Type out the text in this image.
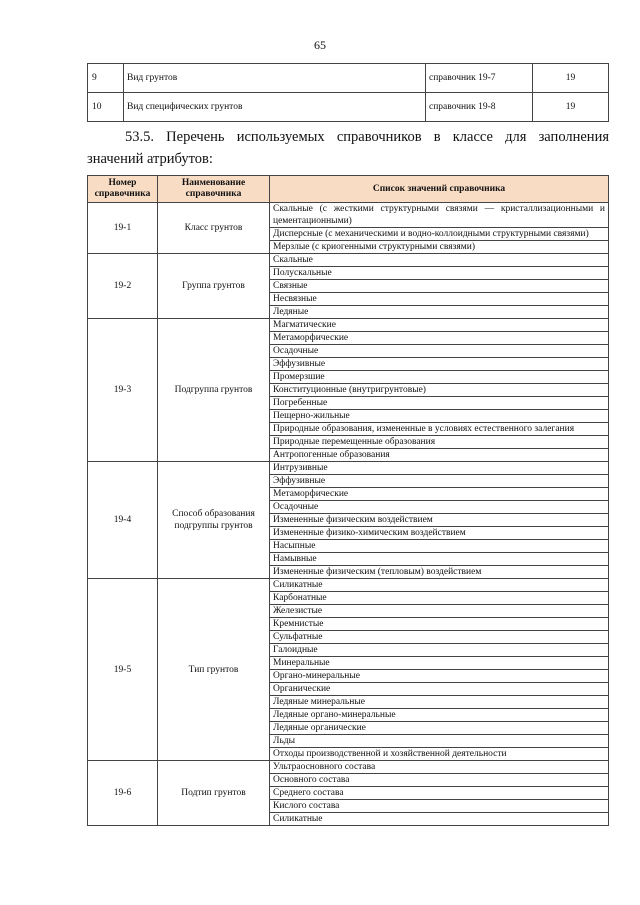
65
9	Вид грунтов	справочник 19-7	19
10	Вид специфических грунтов	справочник 19-8	19
53.5. Перечень используемых справочников в классе для заполнения
значений атрибутов:
Номер справочника	Наименование справочника	Список значений справочника
19-1	Класс грунтов	Скальные (с жесткими структурными связями — кристаллизационными и цементационными)
		Дисперсные (с механическими и водно-коллоидными структурными связями)
		Мерзлые (с криогенными структурными связями)
19-2	Группа грунтов	Скальные
		Полускальные
		Связные
		Несвязные
		Ледяные
19-3	Подгруппа грунтов	Магматические
		Метаморфические
		Осадочные
		Эффузивные
		Промерзшие
		Конституционные (внутригрунтовые)
		Погребенные
		Пещерно-жильные
		Природные образования, измененные в условиях естественного залегания
		Природные перемещенные образования
		Антропогенные образования
19-4	Способ образования подгруппы грунтов	Интрузивные
		Эффузивные
		Метаморфические
		Осадочные
		Измененные физическим воздействием
		Измененные физико-химическим воздействием
		Насыпные
		Намывные
		Измененные физическим (тепловым) воздействием
19-5	Тип грунтов	Силикатные
		Карбонатные
		Железистые
		Кремнистые
		Сульфатные
		Галоидные
		Минеральные
		Органо-минеральные
		Органические
		Ледяные минеральные
		Ледяные органо-минеральные
		Ледяные органические
		Льды
		Отходы производственной и хозяйственной деятельности
19-6	Подтип грунтов	Ультраосновного состава
		Основного состава
		Среднего состава
		Кислого состава
		Силикатные
